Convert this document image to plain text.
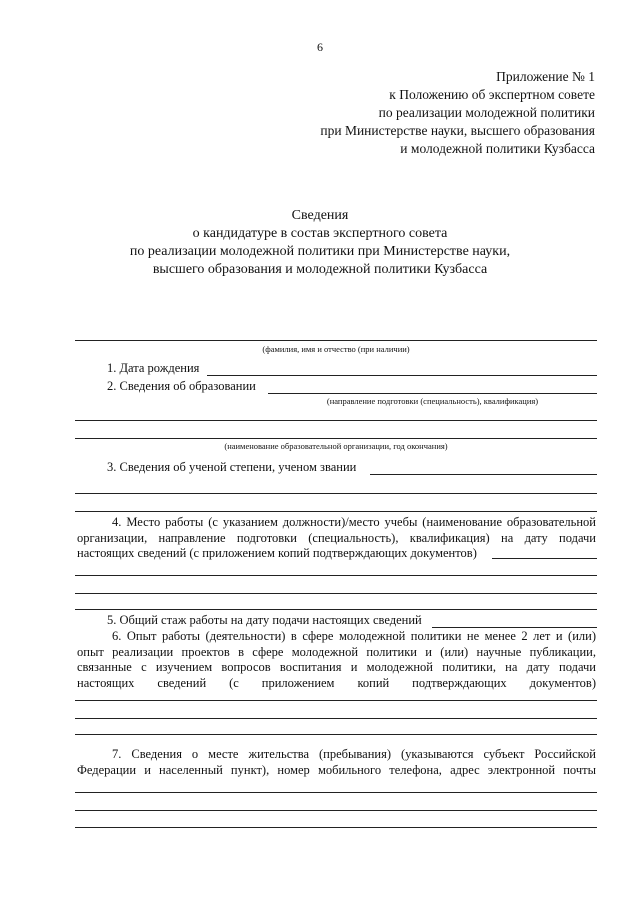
6
Приложение № 1
к Положению об экспертном совете
по реализации молодежной политики
при Министерстве науки, высшего образования
и молодежной политики Кузбасса
Сведения
о кандидатуре в состав экспертного совета
по реализации молодежной политики при Министерстве науки,
высшего образования и молодежной политики Кузбасса
(фамилия, имя и отчество (при наличии)
1. Дата рождения
2. Сведения об образовании
(направление подготовки (специальность), квалификация)
(наименование образовательной организации, год окончания)
3. Сведения об ученой степени, ученом звании
4. Место работы (с указанием должности)/место учебы (наименование образовательной
организации, направление подготовки (специальность), квалификация) на дату подачи
настоящих сведений (с приложением копий подтверждающих документов)
5. Общий стаж работы на дату подачи настоящих сведений
6. Опыт работы (деятельности) в сфере молодежной политики не менее 2 лет и (или)
опыт реализации проектов в сфере молодежной политики и (или) научные публикации,
связанные с изучением вопросов воспитания и молодежной политики, на дату подачи
настоящих сведений (с приложением копий подтверждающих документов)
7. Сведения о месте жительства (пребывания) (указываются субъект Российской
Федерации и населенный пункт), номер мобильного телефона, адрес электронной почты
